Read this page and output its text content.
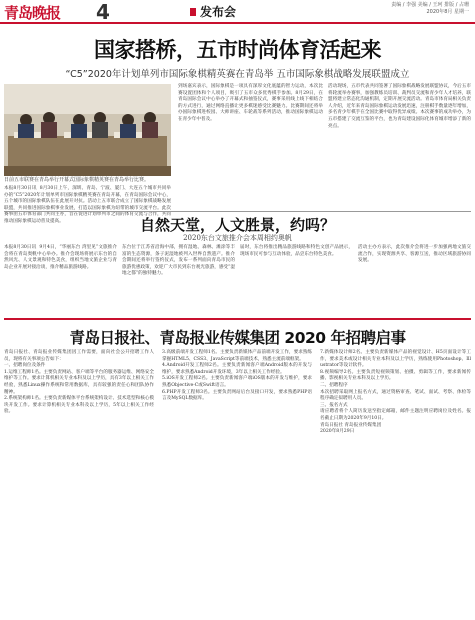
青岛晚报 4	发布会	责编 / 李强 美编 / 王珂 排版 / 占珊
2020年8月 星期一
国家搭桥，五市时尚体育活起来
“C5”2020年计划单列市国际象棋精英赛在青岛举 五市国际象棋战略发展联盟成立
日前五市联赛在青岛举行开幕式国际象棋精英赛在青岛举行比赛。
本报8月30日讯  8月30日上午，深圳、青岛、宁波、厦门、大连五个城市共同举办的“C5”2020年计划单列市国际象棋精英赛在青岛开幕，在青岛国际会议中心，五个城市的国际象棋队伍在此展开对抗。活动上五市联合成立了国际象棋战略发展联盟，共同推进国际象棋事业发展，打造以国际象棋为纽带的城市交流平台。此次赛事由五市体育部门共同主办，旨在促进计划单列市之间的体育交流与合作，共同推动国际象棋运动普及提高。
到场嘉宾表示，国际象棋是一项具有深厚文化底蕴的智力运动，本次比赛设置团体和个人项目，吸引了五市众多优秀棋手参加。8月29日，在青岛国际会议中心举办了开幕式和抽签仪式，赛事采用线上线下相结合的方式进行，通过网络直播让更多棋迷感受比赛魅力。比赛期间还将举办国际象棋进校园、大师讲座、车轮战等系列活动，推动国际象棋运动在青少年中普及。
活动现场，五市代表共同签署了国际象棋战略发展联盟协议，今后五市将轮流举办赛事，加强教练员培训、裁判员交流和青少年人才培养，联盟将建立常态化沟通机制，定期开展交流活动。青岛市体育局相关负责人介绍，近年来青岛国际象棋运动发展迅速，注册棋手数量逐年增加，多名青少年棋手在全国比赛中取得优异成绩。本次赛事的成功举办，为五市搭建了交流互鉴的平台，也为青岛建设国际化体育城市增添了新的亮点。
自然天堂，人文胜景，约吗？
2020东台文旅推介会本周相约奥帆
本报8月30日讯  9月4日，“华丽东台 湾里见”文旅推介会将在青岛奥帆中心举办。推介会现场将展示东台的自然风光、人文景观和特色美食，组织当地文旅企业与青岛企业开展对接洽谈，推介精品旅游线路。
东台位于江苏省沿海中部，拥有湿地、森林、滩涂等丰富的生态资源，条子泥湿地被列入世界自然遗产。推介会期间还将举行签约仪式，发布一系列面向青岛市民的旅游优惠政策，欢迎广大市民到东台观光旅游，感受“湿地之都”的独特魅力。
届时，东台将推出精品旅游线路和特色文创产品展示，现场市民可参与互动体验，品尝东台特色美食。
活动主办方表示，此次推介会将进一步加强两地文旅交流合作，实现资源共享、客源互送，推动区域旅游协同发展。
青岛日报社、青岛报业传媒集团 2020 年招聘启事
青岛日报社、青岛报业传媒集团因工作需要，面向社会公开招聘工作人员，现将有关事项公告如下：
一、招聘岗位及条件
1.运维工程师1名。主要负责网站、客户端等平台的服务器运维、网络安全维护等工作。要求计算机相关专业本科及以上学历，具有3年以上相关工作经验，熟悉Linux操作系统和常用数据库，具有较强的责任心和团队协作精神。
2.系统架构师1名。主要负责新媒体平台系统架构设计、技术选型和核心模块开发工作。要求计算机相关专业本科及以上学历，5年以上相关工作经验。
3.高级前端开发工程师1名。主要负责新媒体产品前端开发工作，要求熟练掌握HTML5、CSS3、JavaScript等前端技术，熟悉主流前端框架。
4.Android开发工程师2名。主要负责新闻客户端Android版本的开发与维护，要求熟悉Android开发环境，3年以上相关工作经验。
5.iOS开发工程师2名。主要负责新闻客户端iOS版本的开发与维护，要求熟悉Objective-C或Swift语言。
6.PHP开发工程师3名。主要负责网站后台及接口开发，要求熟悉PHP语言及MySQL数据库。
7.新媒体设计师2名。主要负责新媒体产品的视觉设计、H5页面设计等工作，要求美术或设计相关专业本科及以上学历，熟练使用Photoshop、Illustrator等设计软件。
8.视频编导2名。主要负责短视频策划、拍摄、剪辑等工作，要求新闻传播、影视相关专业本科及以上学历。
二、招聘程序
本次招聘采取网上报名方式，通过资格审查、笔试、面试、考察、体检等程序确定拟聘用人员。
三、报名方式
请应聘者将个人简历发送至指定邮箱，邮件主题注明应聘岗位及姓名。报名截止日期为2020年9月10日。
青岛日报社 青岛报业传媒集团
2020年8月29日
